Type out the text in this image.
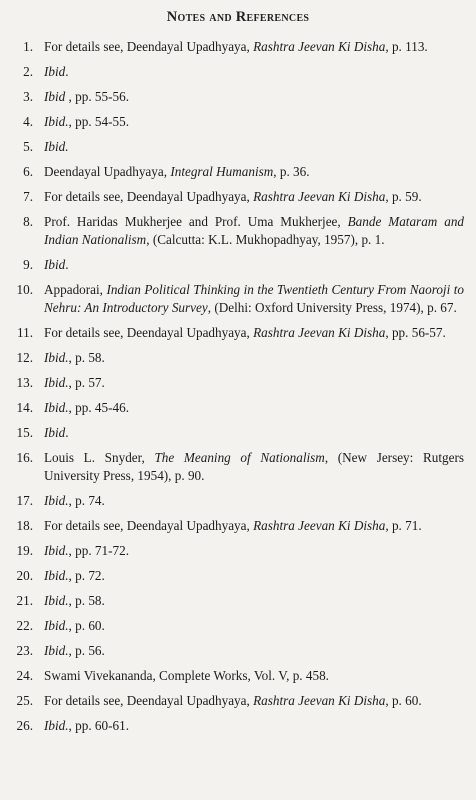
Notes and References
1. For details see, Deendayal Upadhyaya, Rashtra Jeevan Ki Disha, p. 113.
2. Ibid.
3. Ibid , pp. 55-56.
4. Ibid., pp. 54-55.
5. Ibid.
6. Deendayal Upadhyaya, Integral Humanism, p. 36.
7. For details see, Deendayal Upadhyaya, Rashtra Jeevan Ki Disha, p. 59.
8. Prof. Haridas Mukherjee and Prof. Uma Mukherjee, Bande Mataram and Indian Nationalism, (Calcutta: K.L. Mukhopadhyay, 1957), p. 1.
9. Ibid.
10. Appadorai, Indian Political Thinking in the Twentieth Century From Naoroji to Nehru: An Introductory Survey, (Delhi: Oxford University Press, 1974), p. 67.
11. For details see, Deendayal Upadhyaya, Rashtra Jeevan Ki Disha, pp. 56-57.
12. Ibid., p. 58.
13. Ibid., p. 57.
14. Ibid., pp. 45-46.
15. Ibid.
16. Louis L. Snyder, The Meaning of Nationalism, (New Jersey: Rutgers University Press, 1954), p. 90.
17. Ibid., p. 74.
18. For details see, Deendayal Upadhyaya, Rashtra Jeevan Ki Disha, p. 71.
19. Ibid., pp. 71-72.
20. Ibid., p. 72.
21. Ibid., p. 58.
22. Ibid., p. 60.
23. Ibid., p. 56.
24. Swami Vivekananda, Complete Works, Vol. V, p. 458.
25. For details see, Deendayal Upadhyaya, Rashtra Jeevan Ki Disha, p. 60.
26. Ibid., pp. 60-61.
